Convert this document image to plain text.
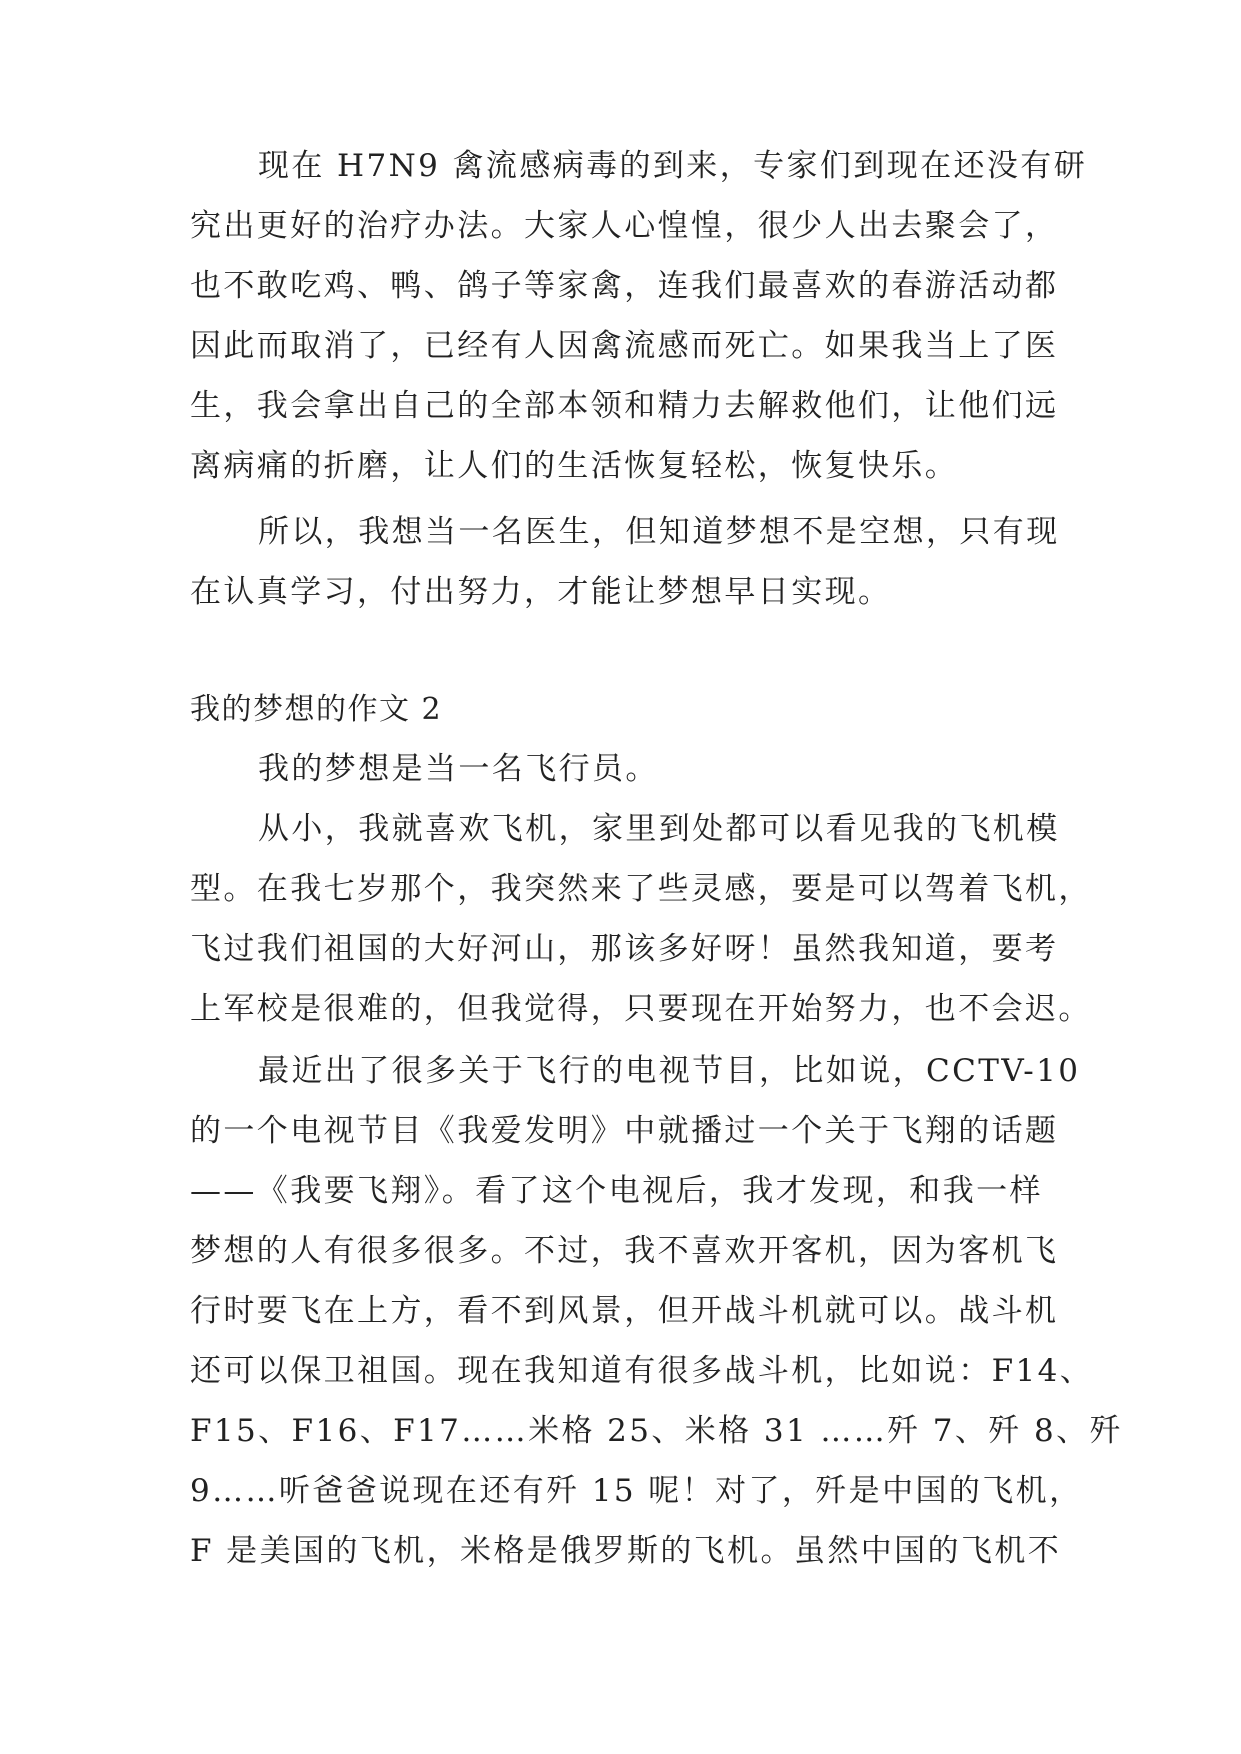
现在 H7N9 禽流感病毒的到来，专家们到现在还没有研
究出更好的治疗办法。大家人心惶惶，很少人出去聚会了，
也不敢吃鸡、鸭、鸽子等家禽，连我们最喜欢的春游活动都
因此而取消了，已经有人因禽流感而死亡。如果我当上了医
生，我会拿出自己的全部本领和精力去解救他们，让他们远
离病痛的折磨，让人们的生活恢复轻松，恢复快乐。
所以，我想当一名医生，但知道梦想不是空想，只有现
在认真学习，付出努力，才能让梦想早日实现。
我的梦想的作文 2
我的梦想是当一名飞行员。
从小，我就喜欢飞机，家里到处都可以看见我的飞机模
型。在我七岁那个，我突然来了些灵感，要是可以驾着飞机，
飞过我们祖国的大好河山，那该多好呀！虽然我知道，要考
上军校是很难的，但我觉得，只要现在开始努力，也不会迟。
最近出了很多关于飞行的电视节目，比如说，CCTV-10
的一个电视节目《我爱发明》中就播过一个关于飞翔的话题
——《我要飞翔》。看了这个电视后，我才发现，和我一样
梦想的人有很多很多。不过，我不喜欢开客机，因为客机飞
行时要飞在上方，看不到风景，但开战斗机就可以。战斗机
还可以保卫祖国。现在我知道有很多战斗机，比如说：F14、
F15、F16、F17……米格 25、米格 31 ……歼 7、歼 8、歼
9……听爸爸说现在还有歼 15 呢！对了，歼是中国的飞机，
F 是美国的飞机，米格是俄罗斯的飞机。虽然中国的飞机不
